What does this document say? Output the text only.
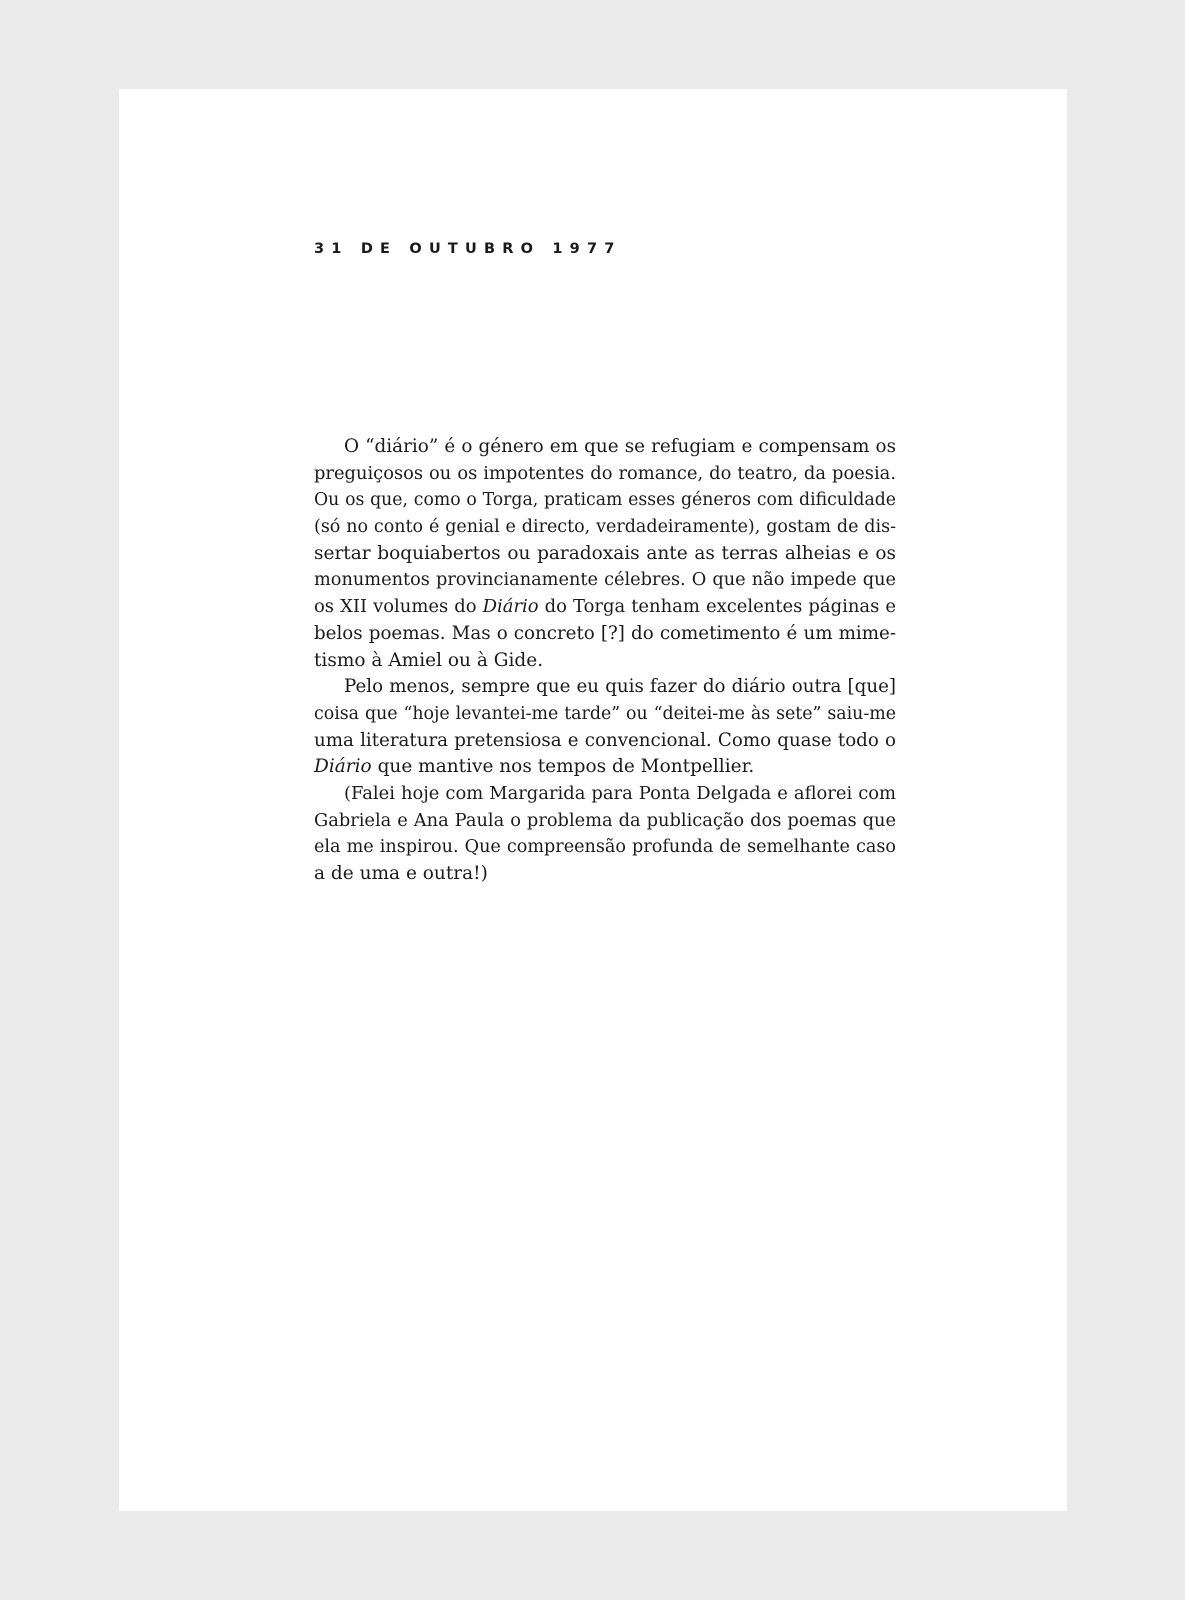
31 DE OUTUBRO 1977

O “diário” é o género em que se refugiam e compensam os
preguiçosos ou os impotentes do romance, do teatro, da poesia.
Ou os que, como o Torga, praticam esses géneros com dificuldade
(só no conto é genial e directo, verdadeiramente), gostam de dis-
sertar boquiabertos ou paradoxais ante as terras alheias e os
monumentos provincianamente célebres. O que não impede que
os XII volumes do Diário do Torga tenham excelentes páginas e
belos poemas. Mas o concreto [?] do cometimento é um mime-
tismo à Amiel ou à Gide.

Pelo menos, sempre que eu quis fazer do diário outra [que]
coisa que “hoje levantei-me tarde” ou “deitei-me às sete” saiu-me
uma literatura pretensiosa e convencional. Como quase todo o
Diário que mantive nos tempos de Montpellier.

(Falei hoje com Margarida para Ponta Delgada e aflorei com
Gabriela e Ana Paula o problema da publicação dos poemas que
ela me inspirou. Que compreensão profunda de semelhante caso
a de uma e outra!)
